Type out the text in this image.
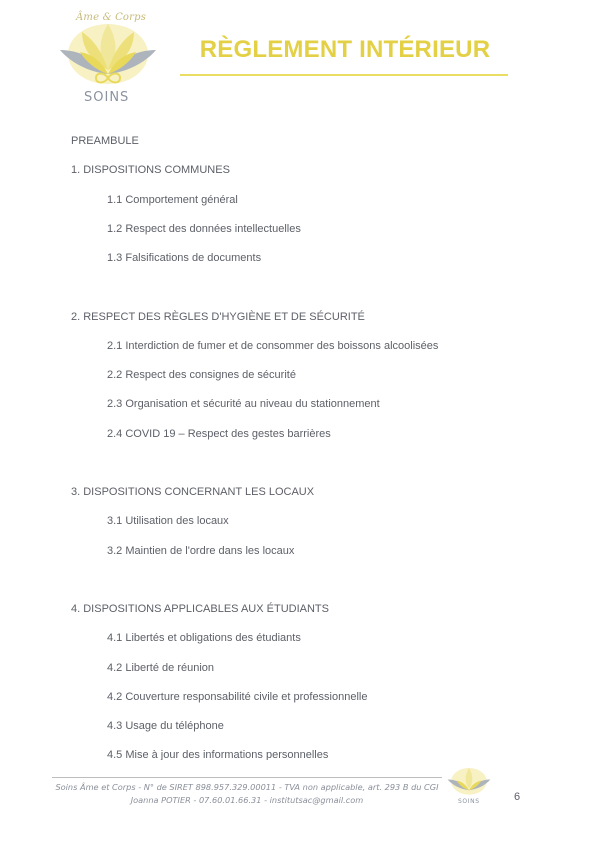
Âme & Corps
SOINS
RÈGLEMENT INTÉRIEUR
PREAMBULE
1. DISPOSITIONS COMMUNES
1.1 Comportement général
1.2 Respect des données intellectuelles
1.3 Falsifications de documents
2. RESPECT DES RÈGLES D'HYGIÈNE ET DE SÉCURITÉ
2.1 Interdiction de fumer et de consommer des boissons alcoolisées
2.2 Respect des consignes de sécurité
2.3 Organisation et sécurité au niveau du stationnement
2.4 COVID 19 – Respect des gestes barrières
3. DISPOSITIONS CONCERNANT LES LOCAUX
3.1 Utilisation des locaux
3.2 Maintien de l'ordre dans les locaux
4. DISPOSITIONS APPLICABLES AUX ÉTUDIANTS
4.1 Libertés et obligations des étudiants
4.2 Liberté de réunion
4.2 Couverture responsabilité civile et professionnelle
4.3 Usage du téléphone
4.5 Mise à jour des informations personnelles
Soins Âme et Corps - N° de SIRET 898.957.329.00011 - TVA non applicable, art. 293 B du CGI
Joanna POTIER - 07.60.01.66.31 - institutsac@gmail.com	SOINS	6
